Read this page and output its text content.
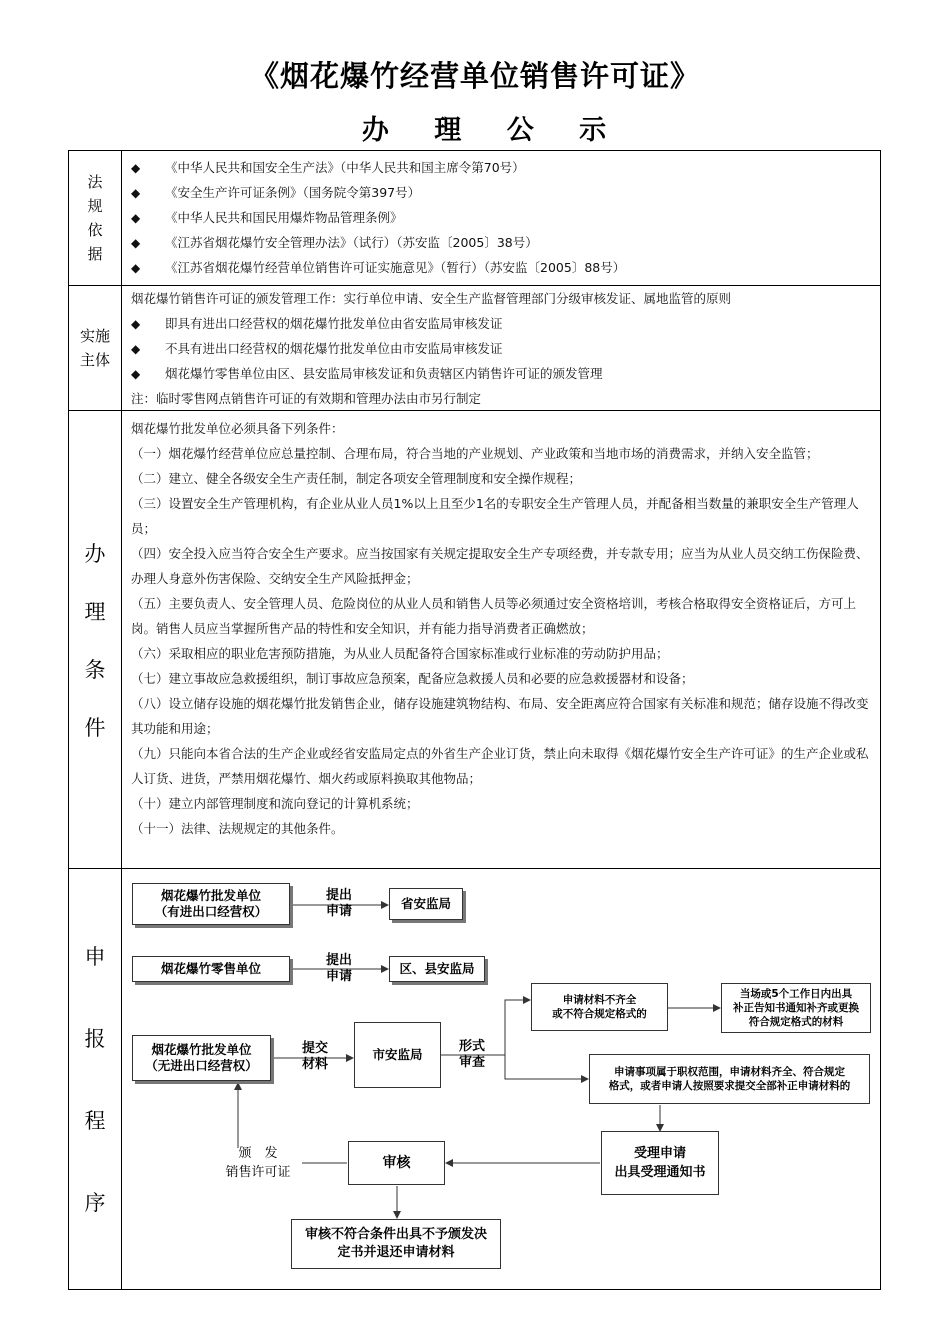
《烟花爆竹经营单位销售许可证》
办 理 公 示
法
规
依
据
◆ 《中华人民共和国安全生产法》（中华人民共和国主席令第70号）
◆ 《安全生产许可证条例》（国务院令第397号）
◆ 《中华人民共和国民用爆炸物品管理条例》
◆ 《江苏省烟花爆竹安全管理办法》（试行）（苏安监〔2005〕38号）
◆ 《江苏省烟花爆竹经营单位销售许可证实施意见》（暂行）（苏安监〔2005〕88号）
实施
主体
烟花爆竹销售许可证的颁发管理工作：实行单位申请、安全生产监督管理部门分级审核发证、属地监管的原则
◆ 即具有进出口经营权的烟花爆竹批发单位由省安监局审核发证
◆ 不具有进出口经营权的烟花爆竹批发单位由市安监局审核发证
◆ 烟花爆竹零售单位由区、县安监局审核发证和负责辖区内销售许可证的颁发管理
注：临时零售网点销售许可证的有效期和管理办法由市另行制定
办
理
条
件

烟花爆竹批发单位必须具备下列条件：

（一）烟花爆竹经营单位应总量控制、合理布局，符合当地的产业规划、产业政策和当地市场的消费需求，并纳入安全监管；

（二）建立、健全各级安全生产责任制，制定各项安全管理制度和安全操作规程；

（三）设置安全生产管理机构，有企业从业人员1%以上且至少1名的专职安全生产管理人员，并配备相当数量的兼职安全生产管理人员；

（四）安全投入应当符合安全生产要求。应当按国家有关规定提取安全生产专项经费，并专款专用；应当为从业人员交纳工伤保险费、办理人身意外伤害保险、交纳安全生产风险抵押金；

（五）主要负责人、安全管理人员、危险岗位的从业人员和销售人员等必须通过安全资格培训，考核合格取得安全资格证后，方可上岗。销售人员应当掌握所售产品的特性和安全知识，并有能力指导消费者正确燃放；

（六）采取相应的职业危害预防措施，为从业人员配备符合国家标准或行业标准的劳动防护用品；

（七）建立事故应急救援组织，制订事故应急预案，配备应急救援人员和必要的应急救援器材和设备；

（八）设立储存设施的烟花爆竹批发销售企业，储存设施建筑物结构、布局、安全距离应符合国家有关标准和规范；储存设施不得改变其功能和用途；

（九）只能向本省合法的生产企业或经省安监局定点的外省生产企业订货，禁止向未取得《烟花爆竹安全生产许可证》的生产企业或私人订货、进货，严禁用烟花爆竹、烟火药或原料换取其他物品；

（十）建立内部管理制度和流向登记的计算机系统；

（十一）法律、法规规定的其他条件。

申
报
程
序
烟花爆竹批发单位
（有进出口经营权）
提出
申请
省安监局
烟花爆竹零售单位
提出
申请
区、县安监局
烟花爆竹批发单位
（无进出口经营权）
提交
材料
市安监局
形式
审查
申请材料不齐全
或不符合规定格式的
当场或5个工作日内出具
补正告知书通知补齐或更换
符合规定格式的材料
申请事项属于职权范围，申请材料齐全、符合规定
格式，或者申请人按照要求提交全部补正申请材料的
受理申请
出具受理通知书
审核
颁　发
销售许可证
审核不符合条件出具不予颁发决
定书并退还申请材料
